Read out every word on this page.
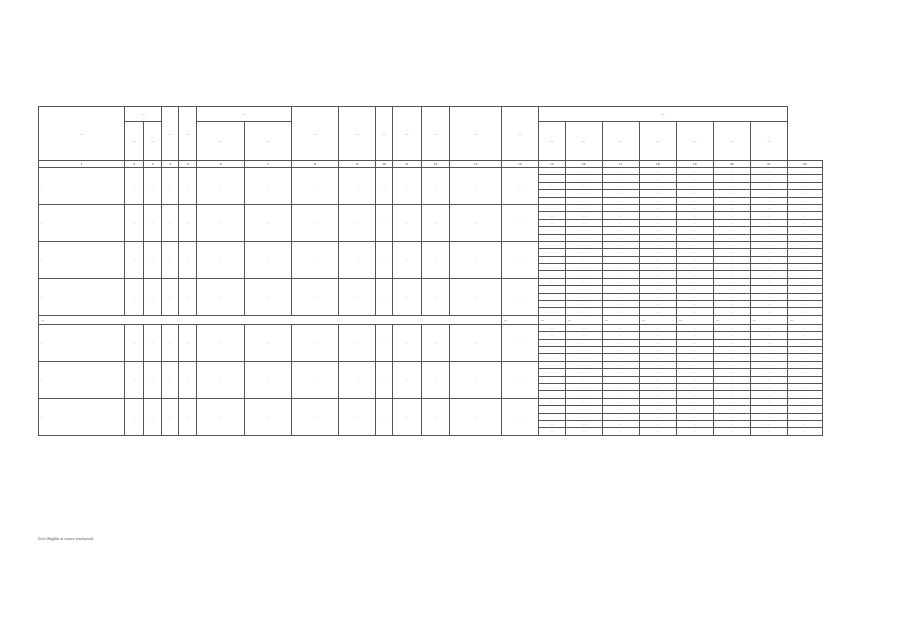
—	—		—	—	—		—	—	—	—	—	—	—	—							
	—	—			—	—								—	—	—	—	—	—	—	
1	2	3	4	5	6	7	8	9	10	11	12	13	14	15	16	17	18	19	20	21	22
—	—	—	—	—	—	—	—	—	—	—	—	—	—	—	—	—	—	—	—	—	—
														—	—	—	—	—	—	—	—
														—	—	—	—	—	—	—	—
														—	—	—	—	—	—	—	—
														—	—	—	—	—	—	—	—
—	—	—	—	—	—	—	—	—	—	—	—	—	—	—	—	—	—	—	—	—	—
														—	—	—	—	—	—	—	—
														—	—	—	—	—	—	—	—
														—	—	—	—	—	—	—	—
														—	—	—	—	—	—	—	—
—	—	—	—	—	—	—	—	—	—	—	—	—	—	—	—	—	—	—	—	—	—
														—	—	—	—	—	—	—	—
														—	—	—	—	—	—	—	—
														—	—	—	—	—	—	—	—
														—	—	—	—	—	—	—	—
—	—	—	—	—	—	—	—	—	—	—	—	—	—	—	—	—	—	—	—	—	—
														—	—	—	—	—	—	—	—
														—	—	—	—	—	—	—	—
														—	—	—	—	—	—	—	—
														—	—	—	—	—	—	—	—
—													—	—	—	—	—	—	—	—	—
—	—	—	—	—	—	—	—	—	—	—	—	—	—	—	—	—	—	—	—	—	—
														—	—	—	—	—	—	—	—
														—	—	—	—	—	—	—	—
														—	—	—	—	—	—	—	—
														—	—	—	—	—	—	—	—
—	—	—	—	—	—	—	—	—	—	—	—	—	—	—	—	—	—	—	—	—	—
														—	—	—	—	—	—	—	—
														—	—	—	—	—	—	—	—
														—	—	—	—	—	—	—	—
														—	—	—	—	—	—	—	—
—	—	—	—	—	—	—	—	—	—	—	—	—	—	—	—	—	—	—	—	—	—
														—	—	—	—	—	—	—	—
														—	—	—	—	—	—	—	—
														—	—	—	—	—	—	—	—
														—	—	—	—	—	—	—	—
[text illegible at source resolution]
